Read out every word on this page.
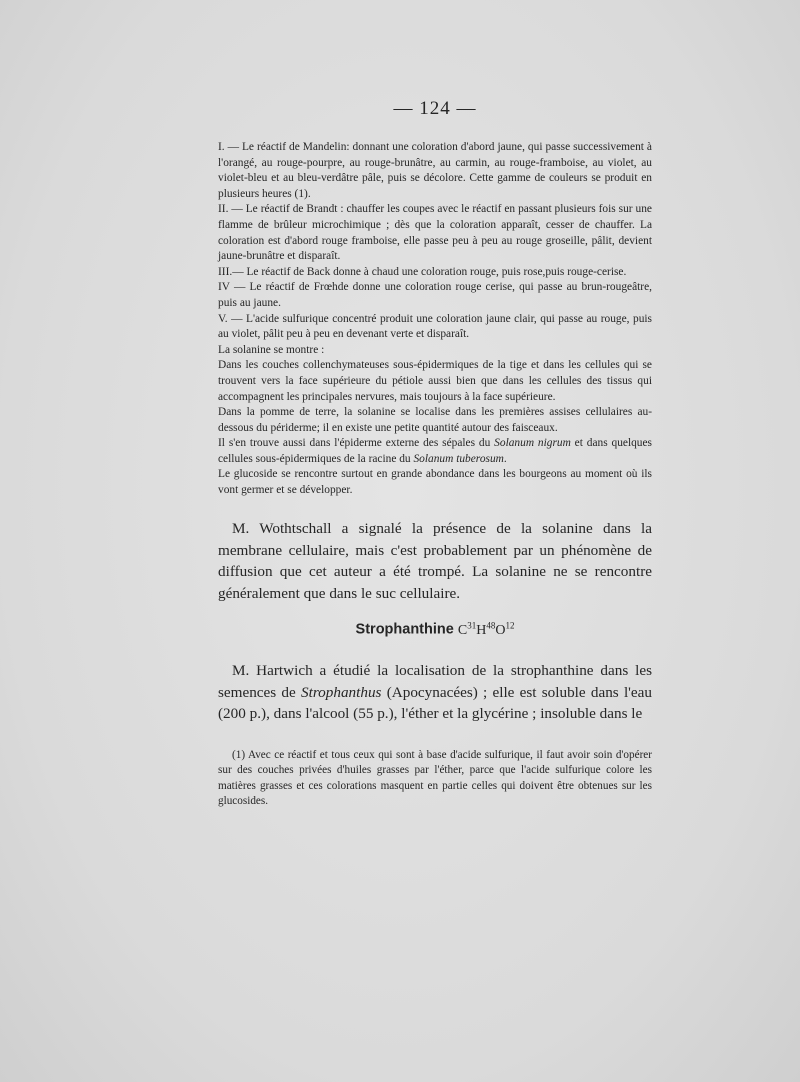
— 124 —

I. — Le réactif de Mandelin: donnant une coloration d'abord jaune, qui passe successivement à l'orangé, au rouge-pourpre, au rouge-brunâtre, au carmin, au rouge-framboise, au violet, au violet-bleu et au bleu-verdâtre pâle, puis se décolore. Cette gamme de couleurs se produit en plusieurs heures (1).

II. — Le réactif de Brandt : chauffer les coupes avec le réactif en passant plusieurs fois sur une flamme de brûleur microchimique ; dès que la coloration apparaît, cesser de chauffer. La coloration est d'abord rouge framboise, elle passe peu à peu au rouge groseille, pâlit, devient jaune-brunâtre et disparaît.

III.— Le réactif de Back donne à chaud une coloration rouge, puis rose,puis rouge-cerise.

IV — Le réactif de Frœhde donne une coloration rouge cerise, qui passe au brun-rougeâtre, puis au jaune.

V. — L'acide sulfurique concentré produit une coloration jaune clair, qui passe au rouge, puis au violet, pâlit peu à peu en devenant verte et disparaît.

La solanine se montre :

Dans les couches collenchymateuses sous-épidermiques de la tige et dans les cellules qui se trouvent vers la face supérieure du pétiole aussi bien que dans les cellules des tissus qui accompagnent les principales nervures, mais toujours à la face supérieure.

Dans la pomme de terre, la solanine se localise dans les premières assises cellulaires au-dessous du périderme; il en existe une petite quantité autour des faisceaux.

Il s'en trouve aussi dans l'épiderme externe des sépales du Solanum nigrum et dans quelques cellules sous-épidermiques de la racine du Solanum tuberosum.

Le glucoside se rencontre surtout en grande abondance dans les bourgeons au moment où ils vont germer et se développer.

M. Wothtschall a signalé la présence de la solanine dans la membrane cellulaire, mais c'est probablement par un phénomène de diffusion que cet auteur a été trompé. La solanine ne se rencontre généralement que dans le suc cellulaire.

Strophanthine $C^{31}H^{48}O^{12}$

M. Hartwich a étudié la localisation de la strophanthine dans les semences de Strophanthus (Apocynacées) ; elle est soluble dans l'eau (200 p.), dans l'alcool (55 p.), l'éther et la glycérine ; insoluble dans le

(1) Avec ce réactif et tous ceux qui sont à base d'acide sulfurique, il faut avoir soin d'opérer sur des couches privées d'huiles grasses par l'éther, parce que l'acide sulfurique colore les matières grasses et ces colorations masquent en partie celles qui doivent être obtenues sur les glucosides.
